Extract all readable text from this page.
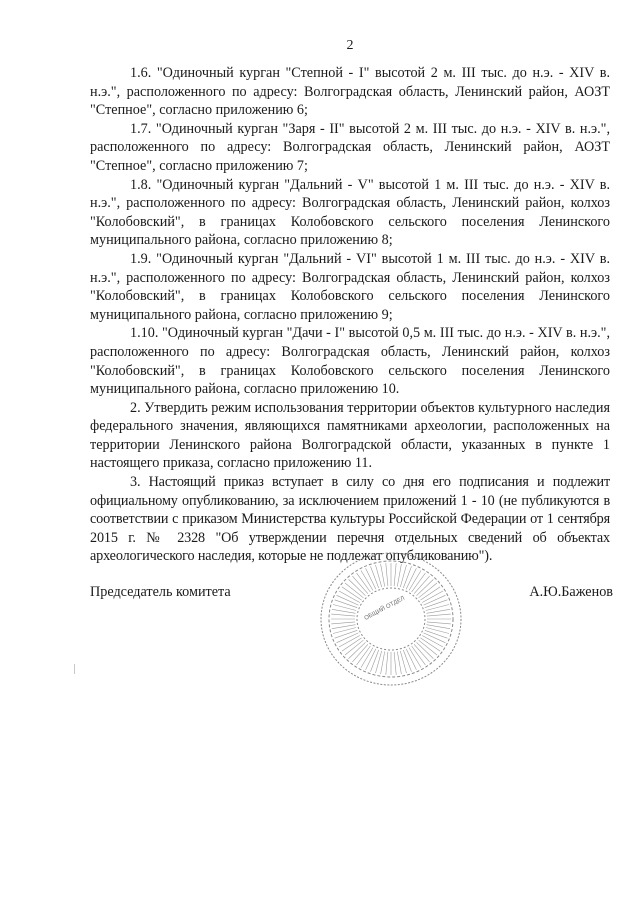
2

1.6. "Одиночный курган "Степной - I" высотой 2 м. III тыс. до н.э. - XIV в. н.э.", расположенного по адресу: Волгоградская область, Ленинский район, АОЗТ "Степное", согласно приложению 6;

1.7. "Одиночный курган "Заря - II" высотой 2 м. III тыс. до н.э. - XIV в. н.э.", расположенного по адресу: Волгоградская область, Ленинский район, АОЗТ "Степное", согласно приложению 7;

1.8. "Одиночный курган "Дальний - V" высотой 1 м. III тыс. до н.э. - XIV в. н.э.", расположенного по адресу: Волгоградская область, Ленинский район, колхоз "Колобовский", в границах Колобовского сельского поселения Ленинского муниципального района, согласно приложению 8;

1.9. "Одиночный курган "Дальний - VI" высотой 1 м. III тыс. до н.э. - XIV в. н.э.", расположенного по адресу: Волгоградская область, Ленинский район, колхоз "Колобовский", в границах Колобовского сельского поселения Ленинского муниципального района, согласно приложению 9;

1.10. "Одиночный курган "Дачи - I" высотой 0,5 м. III тыс. до н.э. - XIV в. н.э.", расположенного по адресу: Волгоградская область, Ленинский район, колхоз "Колобовский", в границах Колобовского сельского поселения Ленинского муниципального района, согласно приложению 10.

2. Утвердить режим использования территории объектов культурного наследия федерального значения, являющихся памятниками археологии, расположенных на территории Ленинского района Волгоградской области, указанных в пункте 1 настоящего приказа, согласно приложению 11.

3. Настоящий приказ вступает в силу со дня его подписания и подлежит официальному опубликованию, за исключением приложений 1 - 10 (не публикуются в соответствии с приказом Министерства культуры Российской Федерации от 1 сентября 2015 г. № 2328 "Об утверждении перечня отдельных сведений об объектах археологического наследия, которые не подлежат опубликованию").

Председатель комитета	А.Ю.Баженов
ОБЩИЙ ОТДЕЛ
